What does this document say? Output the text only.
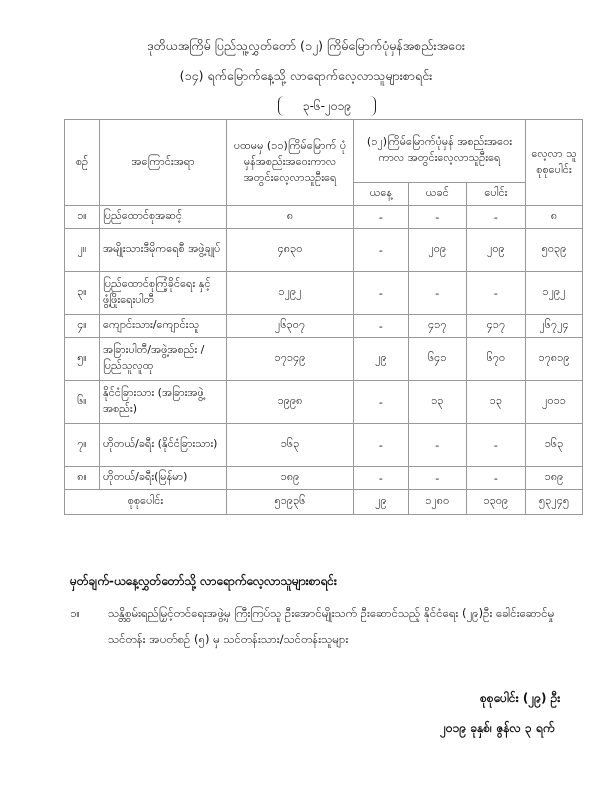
ဒုတိယအကြိမ် ပြည်သူ့လွှတ်တော် (၁၂) ကြိမ်မြောက်ပုံမှန်အစည်းအဝေး
(၁၄) ရက်မြောက်နေ့သို့ လာရောက်လေ့လာသူများစာရင်း
၃-၆-၂၀၁၉
စဉ်	အကြောင်းအရာ	ပထမမှ (၁၁)ကြိမ်မြောက် ပုံမှန်အစည်းအဝေးကာလ အတွင်းလေ့လာသူဦးရေ	(၁၂)ကြိမ်မြောက်ပုံမှန် အစည်းအဝေးကာလ အတွင်းလေ့လာသူဦးရေ			လေ့လာ သူ စုစုပေါင်း
			ယနေ့	ယခင်	ပေါင်း	
၁။	ပြည်ထောင်စုအဆင့်	၈	-	-	-	၈
၂။	အမျိုးသားဒီမိုကရေစီ အဖွဲ့ချုပ်	၄၈၃၀	-	၂၀၉	၂၀၉	၅၀၃၉
၃။	ပြည်ထောင်စုကြံ့ခိုင်ရေး နှင့်ဖွံ့ဖြိုးရေးပါတီ	၁၂၉၂	-	-	-	၁၂၉၂
၄။	ကျောင်းသား/ကျောင်းသူ	၂၆၃၀၇	-	၄၁၇	၄၁၇	၂၆၇၂၄
၅။	အခြားပါတီ/အဖွဲ့အစည်း / ပြည်သူလူထု	၁၇၁၄၉	၂၉	၆၄၁	၆၇၀	၁၇၈၁၉
၆။	နိုင်ငံခြားသား (အခြားအဖွဲ့အစည်း)	၁၉၉၈	-	၁၃	၁၃	၂၀၁၁
၇။	ဟိုတယ်/ခရီး (နိုင်ငံခြားသား)	၁၆၃	-	-	-	၁၆၃
၈။	ဟိုတယ်/ခရီး(မြန်မာ)	၁၈၉	-	-	-	၁၈၉
စုစုပေါင်း		၅၁၉၃၆	၂၉	၁၂၈၀	၁၃၀၉	၅၃၂၄၅
မှတ်ချက်-ယနေ့လွှတ်တော်သို့ လာရောက်လေ့လာသူများစာရင်း
၁။ သန္တိစွမ်းရည်မြှင့်တင်ရေးအဖွဲ့မှ ကြီးကြပ်သူ ဦးအောင်မျိုးသက် ဦးဆောင်သည့် နိုင်ငံရေး (၂၉)ဦး ခေါင်းဆောင်မှုသင်တန်း အပတ်စဉ် (၅) မှ သင်တန်းသား/သင်တန်းသူများ
စုစုပေါင်း (၂၉) ဦး
၂၀၁၉ ခုနှစ်၊ ဇွန်လ ၃ ရက်
